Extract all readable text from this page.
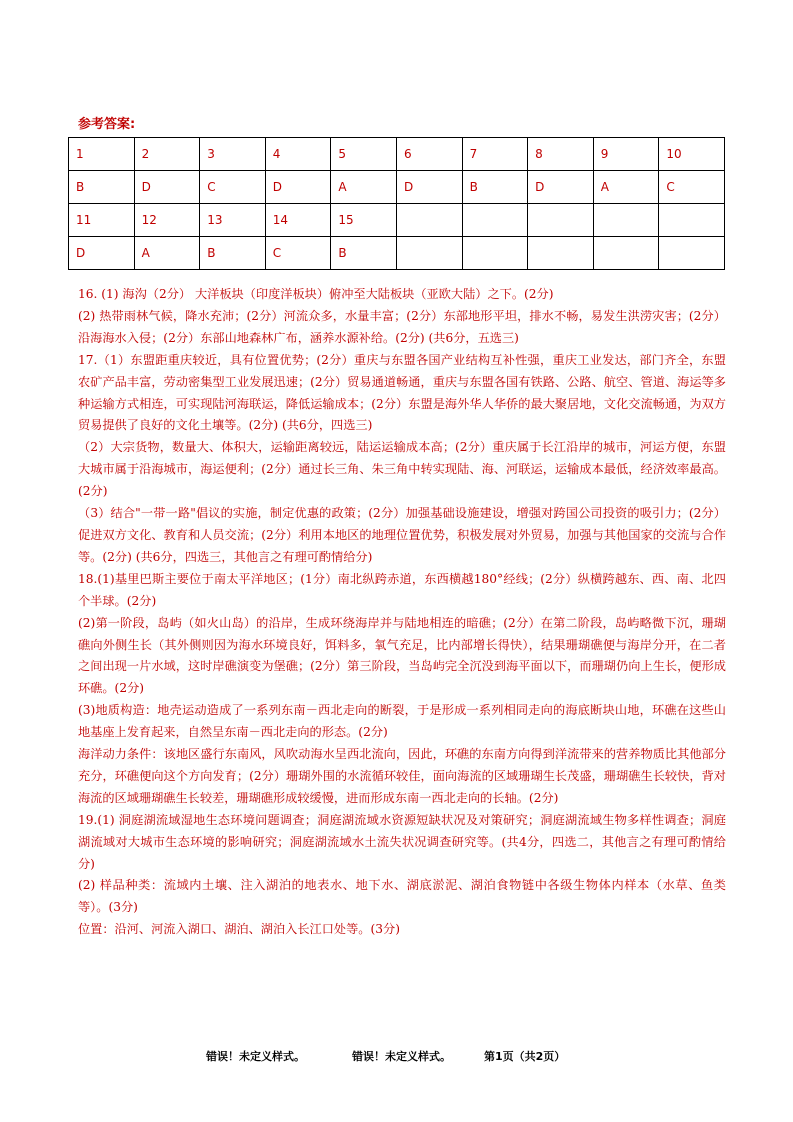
参考答案:
1	2	3	4	5	6	7	8	9	10
B	D	C	D	A	D	B	D	A	C
11	12	13	14	15					
D	A	B	C	B					

16. (1) 海沟（2分） 大洋板块（印度洋板块）俯冲至大陆板块（亚欧大陆）之下。(2分)

(2) 热带雨林气候，降水充沛；(2分）河流众多，水量丰富；(2分）东部地形平坦，排水不畅，易发生洪涝灾害；(2分）沿海海水入侵；(2分）东部山地森林广布，涵养水源补给。(2分) (共6分，五选三)

17.（1）东盟距重庆较近，具有位置优势；(2分）重庆与东盟各国产业结构互补性强，重庆工业发达，部门齐全，东盟农矿产品丰富，劳动密集型工业发展迅速；(2分）贸易通道畅通，重庆与东盟各国有铁路、公路、航空、管道、海运等多种运输方式相连，可实现陆河海联运，降低运输成本；(2分）东盟是海外华人华侨的最大聚居地，文化交流畅通，为双方贸易提供了良好的文化土壤等。(2分) (共6分，四选三)

（2）大宗货物，数量大、体积大，运输距离较远，陆运运输成本高；(2分）重庆属于长江沿岸的城市，河运方便，东盟大城市属于沿海城市，海运便利；(2分）通过长三角、朱三角中转实现陆、海、河联运，运输成本最低，经济效率最高。(2分)

（3）结合"一带一路"倡议的实施，制定优惠的政策；(2分）加强基础设施建设，增强对跨国公司投资的吸引力；(2分）促进双方文化、教育和人员交流；(2分）利用本地区的地理位置优势，积极发展对外贸易，加强与其他国家的交流与合作等。(2分) (共6分，四选三，其他言之有理可酌情给分)

18.(1)基里巴斯主要位于南太平洋地区；(1分）南北纵跨赤道，东西横越180°经线；(2分）纵横跨越东、西、南、北四个半球。(2分)

(2)第一阶段，岛屿（如火山岛）的沿岸，生成环绕海岸并与陆地相连的暗礁；(2分）在第二阶段，岛屿略微下沉，珊瑚礁向外侧生长（其外侧则因为海水环境良好，饵料多，氧气充足，比内部增长得快），结果珊瑚礁便与海岸分开，在二者之间出现一片水域，这时岸礁演变为堡礁；(2分）第三阶段，当岛屿完全沉没到海平面以下，而珊瑚仍向上生长，便形成环礁。(2分)

(3)地质构造：地壳运动造成了一系列东南－西北走向的断裂，于是形成一系列相同走向的海底断块山地，环礁在这些山地基座上发育起来，自然呈东南－西北走向的形态。(2分)

海洋动力条件：该地区盛行东南风，风吹动海水呈西北流向，因此，环礁的东南方向得到洋流带来的营养物质比其他部分充分，环礁便向这个方向发育；(2分）珊瑚外围的水流循环较佳，面向海流的区域珊瑚生长茂盛，珊瑚礁生长较快，背对海流的区域珊瑚礁生长较差，珊瑚礁形成较缓慢，进而形成东南一西北走向的长轴。(2分)

19.(1) 洞庭湖流域湿地生态环境问题调查；洞庭湖流域水资源短缺状况及对策研究；洞庭湖流域生物多样性调查；洞庭湖流域对大城市生态环境的影响研究；洞庭湖流域水土流失状况调查研究等。(共4分，四选二，其他言之有理可酌情给分)

(2) 样品种类：流域内土壤、注入湖泊的地表水、地下水、湖底淤泥、湖泊食物链中各级生物体内样本（水草、鱼类等）。(3分)

位置：沿河、河流入湖口、湖泊、湖泊入长江口处等。(3分)

错误！未定义样式。	错误！未定义样式。	第1页（共2页）
